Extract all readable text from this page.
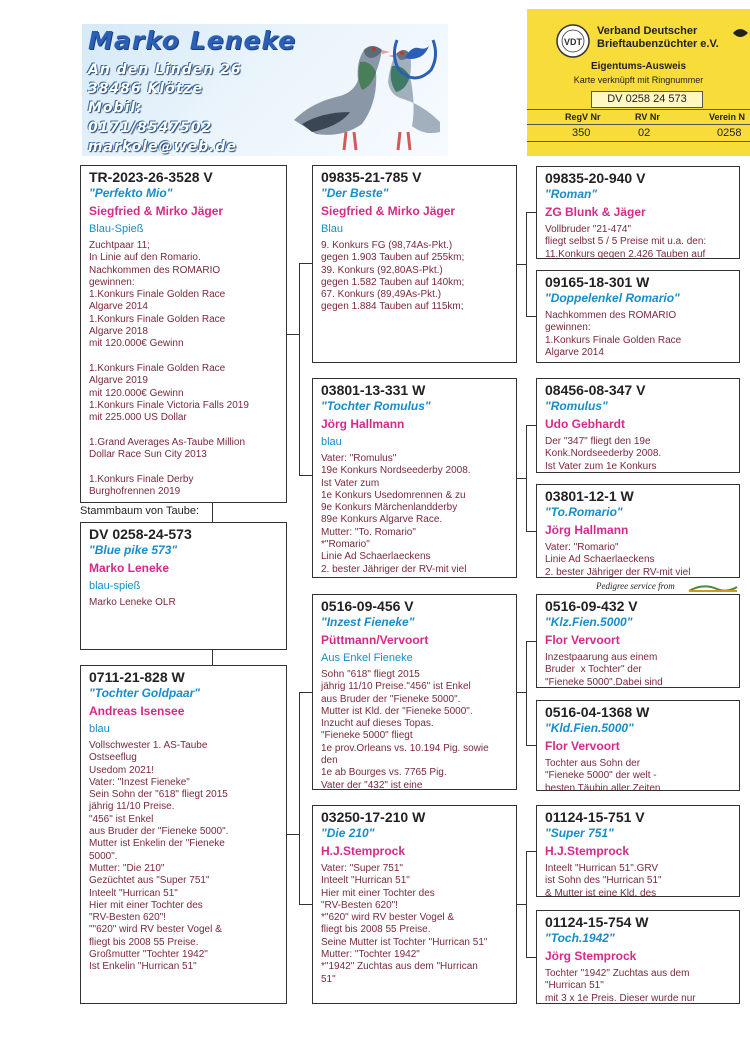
Marko Leneke
An den Linden 26
38486 Klötze
Mobil:
0171/8547502
markole@web.de
VDT
Verband Deutscher
Brieftaubenzüchter e.V.
Eigentums-Ausweis
Karte verknüpft mit Ringnummer
DV 0258 24 573
RegV Nr	RV Nr	Verein N
350	02	0258
TR-2023-26-3528 V
"Perfekto Mio"
Siegfried & Mirko Jäger
Blau-Spieß
Zuchtpaar 11;
In Linie auf den Romario.
Nachkommen des ROMARIO
gewinnen:
1.Konkurs Finale Golden Race
Algarve 2014
1.Konkurs Finale Golden Race
Algarve 2018
mit 120.000€ Gewinn

1.Konkurs Finale Golden Race
Algarve 2019
mit 120.000€ Gewinn
1.Konkurs Finale Victoria Falls 2019
mit 225.000 US Dollar

1.Grand Averages As-Taube Million
Dollar Race Sun City 2013

1.Konkurs Finale Derby
Burghofrennen 2019
Stammbaum von Taube:
DV 0258-24-573
"Blue pike 573"
Marko Leneke
blau-spieß
Marko Leneke OLR
0711-21-828 W
"Tochter Goldpaar"
Andreas Isensee
blau
Vollschwester 1. AS-Taube
Ostseeflug
Usedom 2021!
Vater: "Inzest Fieneke"
Sein Sohn der "618" fliegt 2015
jährig 11/10 Preise.
"456" ist Enkel
aus Bruder der "Fieneke 5000".
Mutter ist Enkelin der "Fieneke
5000".
Mutter: "Die 210"
Gezüchtet aus "Super 751"
Inteelt "Hurrican 51"
Hier mit einer Tochter des
"RV-Besten 620"!
""620" wird RV bester Vogel &
fliegt bis 2008 55 Preise.
Großmutter "Tochter 1942"
Ist Enkelin "Hurrican 51"
09835-21-785 V
"Der Beste"
Siegfried & Mirko Jäger
Blau
9. Konkurs FG (98,74As-Pkt.)
gegen 1.903 Tauben auf 255km;
39. Konkurs (92,80AS-Pkt.)
gegen 1.582 Tauben auf 140km;
67. Konkurs (89,49As-Pkt.)
gegen 1.884 Tauben auf 115km;
03801-13-331 W
"Tochter Romulus"
Jörg Hallmann
blau
Vater: "Romulus"
19e Konkurs Nordseederby 2008.
Ist Vater zum
1e Konkurs Usedomrennen & zu
9e Konkurs Märchenlandderby
89e Konkurs Algarve Race.
Mutter: "To. Romario"
*"Romario"
Linie Ad Schaerlaeckens
2. bester Jähriger der RV-mit viel
0516-09-456 V
"Inzest Fieneke"
Püttmann/Vervoort
Aus Enkel Fieneke
Sohn "618" fliegt 2015
jährig 11/10 Preise."456" ist Enkel
aus Bruder der "Fieneke 5000".
Mutter ist Kld. der "Fieneke 5000".
Inzucht auf dieses Topas.
"Fieneke 5000" fliegt
1e prov.Orleans vs. 10.194 Pig. sowie
den
1e ab Bourges vs. 7765 Pig.
Vater der "432" ist eine
03250-17-210 W
"Die 210"
H.J.Stemprock
Vater: "Super 751"
Inteelt "Hurrican 51"
Hier mit einer Tochter des
"RV-Besten 620"!
*"620" wird RV bester Vogel &
fliegt bis 2008 55 Preise.
Seine Mutter ist Tochter "Hurrican 51"
Mutter: "Tochter 1942"
*"1942" Zuchtas aus dem "Hurrican
51"
09835-20-940 V
"Roman"
ZG Blunk & Jäger
Vollbruder "21-474"
fliegt selbst 5 / 5 Preise mit u.a. den:
11.Konkurs gegen 2.426 Tauben auf
09165-18-301 W
"Doppelenkel Romario"
Nachkommen des ROMARIO
gewinnen:
1.Konkurs Finale Golden Race
Algarve 2014
08456-08-347 V
"Romulus"
Udo Gebhardt
Der "347" fliegt den 19e
Konk.Nordseederby 2008.
Ist Vater zum 1e Konkurs
03801-12-1 W
"To.Romario"
Jörg Hallmann
Vater: "Romario"
Linie Ad Schaerlaeckens
2. bester Jähriger der RV-mit viel
Pedigree service from
0516-09-432 V
"Klz.Fien.5000"
Flor Vervoort
Inzestpaarung aus einem
Bruder  x Tochter" der
"Fieneke 5000".Dabei sind
0516-04-1368 W
"Kld.Fien.5000"
Flor Vervoort
Tochter aus Sohn der
"Fieneke 5000" der welt -
besten Täubin aller Zeiten.
01124-15-751 V
"Super 751"
H.J.Stemprock
Inteelt "Hurrican 51".GRV
ist Sohn des "Hurrican 51"
& Mutter ist eine Kld. des
01124-15-754 W
"Toch.1942"
Jörg Stemprock
Tochter "1942" Zuchtas aus dem
"Hurrican 51"
mit 3 x 1e Preis. Dieser wurde nur
